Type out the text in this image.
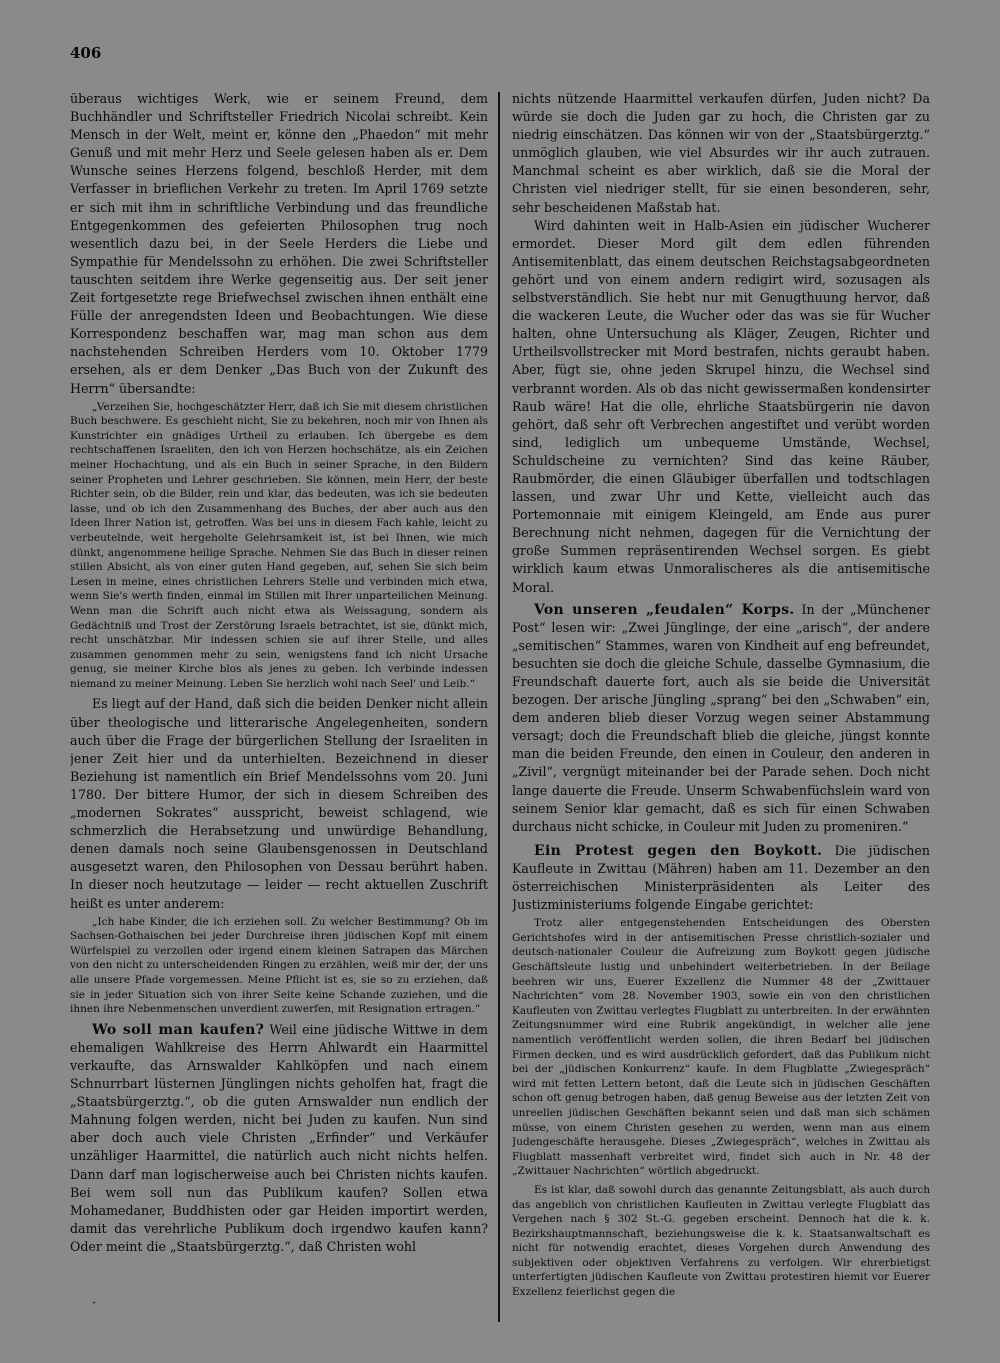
406

überaus wichtiges Werk, wie er seinem Freund, dem Buchhändler und Schriftsteller Friedrich Nicolai schreibt. Kein Mensch in der Welt, meint er, könne den „Phaedon“ mit mehr Genuß und mit mehr Herz und Seele gelesen haben als er. Dem Wunsche seines Herzens folgend, beschloß Herder, mit dem Verfasser in brieflichen Verkehr zu treten. Im April 1769 setzte er sich mit ihm in schriftliche Verbindung und das freundliche Entgegenkommen des gefeierten Philosophen trug noch wesentlich dazu bei, in der Seele Herders die Liebe und Sympathie für Mendelssohn zu erhöhen. Die zwei Schriftsteller tauschten seitdem ihre Werke gegenseitig aus. Der seit jener Zeit fortgesetzte rege Briefwechsel zwischen ihnen enthält eine Fülle der anregendsten Ideen und Beobachtungen. Wie diese Korrespondenz beschaffen war, mag man schon aus dem nachstehenden Schreiben Herders vom 10. Oktober 1779 ersehen, als er dem Denker „Das Buch von der Zukunft des Herrn“ übersandte:

„Verzeihen Sie, hochgeschätzter Herr, daß ich Sie mit diesem christlichen Buch beschwere. Es geschieht nicht, Sie zu bekehren, noch mir von Ihnen als Kunstrichter ein gnädiges Urtheil zu erlauben. Ich übergebe es dem rechtschaffenen Israeliten, den ich von Herzen hochschätze, als ein Zeichen meiner Hochachtung, und als ein Buch in seiner Sprache, in den Bildern seiner Propheten und Lehrer geschrieben. Sie können, mein Herr, der beste Richter sein, ob die Bilder, rein und klar, das bedeuten, was ich sie bedeuten lasse, und ob ich den Zusammenhang des Buches, der aber auch aus den Ideen Ihrer Nation ist, getroffen. Was bei uns in diesem Fach kahle, leicht zu verbeutelnde, weit hergeholte Gelehrsamkeit ist, ist bei Ihnen, wie mich dünkt, angenommene heilige Sprache. Nehmen Sie das Buch in dieser reinen stillen Absicht, als von einer guten Hand gegeben, auf, sehen Sie sich beim Lesen in meine, eines christlichen Lehrers Stelle und verbinden mich etwa, wenn Sie's werth finden, einmal im Stillen mit Ihrer unparteilichen Meinung. Wenn man die Schrift auch nicht etwa als Weissagung, sondern als Gedächtniß und Trost der Zerstörung Israels betrachtet, ist sie, dünkt mich, recht unschätzbar. Mir indessen schien sie auf ihrer Stelle, und alles zusammen genommen mehr zu sein, wenigstens fand ich nicht Ursache genug, sie meiner Kirche blos als jenes zu geben. Ich verbinde indessen niemand zu meiner Meinung. Leben Sie herzlich wohl nach Seel' und Leib.“

Es liegt auf der Hand, daß sich die beiden Denker nicht allein über theologische und litterarische Angelegenheiten, sondern auch über die Frage der bürgerlichen Stellung der Israeliten in jener Zeit hier und da unterhielten. Bezeichnend in dieser Beziehung ist namentlich ein Brief Mendelssohns vom 20. Juni 1780. Der bittere Humor, der sich in diesem Schreiben des „modernen Sokrates“ ausspricht, beweist schlagend, wie schmerzlich die Herabsetzung und unwürdige Behandlung, denen damals noch seine Glaubensgenossen in Deutschland ausgesetzt waren, den Philosophen von Dessau berührt haben. In dieser noch heutzutage — leider — recht aktuellen Zuschrift heißt es unter anderem:

„Ich habe Kinder, die ich erziehen soll. Zu welcher Bestimmung? Ob im Sachsen-Gothaischen bei jeder Durchreise ihren jüdischen Kopf mit einem Würfelspiel zu verzollen oder irgend einem kleinen Satrapen das Märchen von den nicht zu unterscheidenden Ringen zu erzählen, weiß mir der, der uns alle unsere Pfade vorgemessen. Meine Pflicht ist es, sie so zu erziehen, daß sie in jeder Situation sich von ihrer Seite keine Schande zuziehen, und die ihnen ihre Nebenmenschen unverdient zuwerfen, mit Resignation ertragen.“

Wo soll man kaufen? Weil eine jüdische Wittwe in dem ehemaligen Wahlkreise des Herrn Ahlwardt ein Haarmittel verkaufte, das Arnswalder Kahlköpfen und nach einem Schnurrbart lüsternen Jünglingen nichts geholfen hat, fragt die „Staatsbürgerztg.“, ob die guten Arnswalder nun endlich der Mahnung folgen werden, nicht bei Juden zu kaufen. Nun sind aber doch auch viele Christen „Erfinder“ und Verkäufer unzähliger Haarmittel, die natürlich auch nicht nichts helfen. Dann darf man logischerweise auch bei Christen nichts kaufen. Bei wem soll nun das Publikum kaufen? Sollen etwa Mohamedaner, Buddhisten oder gar Heiden importirt werden, damit das verehrliche Publikum doch irgendwo kaufen kann? Oder meint die „Staatsbürgerztg.“, daß Christen wohl

nichts nützende Haarmittel verkaufen dürfen, Juden nicht? Da würde sie doch die Juden gar zu hoch, die Christen gar zu niedrig einschätzen. Das können wir von der „Staatsbürgerztg.“ unmöglich glauben, wie viel Absurdes wir ihr auch zutrauen. Manchmal scheint es aber wirklich, daß sie die Moral der Christen viel niedriger stellt, für sie einen besonderen, sehr, sehr bescheidenen Maßstab hat.

Wird dahinten weit in Halb-Asien ein jüdischer Wucherer ermordet. Dieser Mord gilt dem edlen führenden Antisemitenblatt, das einem deutschen Reichstagsabgeordneten gehört und von einem andern redigirt wird, sozusagen als selbstverständlich. Sie hebt nur mit Genugthuung hervor, daß die wackeren Leute, die Wucher oder das was sie für Wucher halten, ohne Untersuchung als Kläger, Zeugen, Richter und Urtheilsvollstrecker mit Mord bestrafen, nichts geraubt haben. Aber, fügt sie, ohne jeden Skrupel hinzu, die Wechsel sind verbrannt worden. Als ob das nicht gewissermaßen kondensirter Raub wäre! Hat die olle, ehrliche Staatsbürgerin nie davon gehört, daß sehr oft Verbrechen angestiftet und verübt worden sind, lediglich um unbequeme Umstände, Wechsel, Schuldscheine zu vernichten? Sind das keine Räuber, Raubmörder, die einen Gläubiger überfallen und todtschlagen lassen, und zwar Uhr und Kette, vielleicht auch das Portemonnaie mit einigem Kleingeld, am Ende aus purer Berechnung nicht nehmen, dagegen für die Vernichtung der große Summen repräsentirenden Wechsel sorgen. Es giebt wirklich kaum etwas Unmoralischeres als die antisemitische Moral.

Von unseren „feudalen“ Korps. In der „Münchener Post“ lesen wir: „Zwei Jünglinge, der eine „arisch“, der andere „semitischen“ Stammes, waren von Kindheit auf eng befreundet, besuchten sie doch die gleiche Schule, dasselbe Gymnasium, die Freundschaft dauerte fort, auch als sie beide die Universität bezogen. Der arische Jüngling „sprang“ bei den „Schwaben“ ein, dem anderen blieb dieser Vorzug wegen seiner Abstammung versagt; doch die Freundschaft blieb die gleiche, jüngst konnte man die beiden Freunde, den einen in Couleur, den anderen in „Zivil“, vergnügt miteinander bei der Parade sehen. Doch nicht lange dauerte die Freude. Unserm Schwabenfüchslein ward von seinem Senior klar gemacht, daß es sich für einen Schwaben durchaus nicht schicke, in Couleur mit Juden zu promeniren.“

Ein Protest gegen den Boykott. Die jüdischen Kaufleute in Zwittau (Mähren) haben am 11. Dezember an den österreichischen Ministerpräsidenten als Leiter des Justizministeriums folgende Eingabe gerichtet:

Trotz aller entgegenstehenden Entscheidungen des Obersten Gerichtshofes wird in der antisemitischen Presse christlich-sozialer und deutsch-nationaler Couleur die Aufreizung zum Boykott gegen jüdische Geschäftsleute lustig und unbehindert weiterbetrieben. In der Beilage beehren wir uns, Euerer Exzellenz die Nummer 48 der „Zwittauer Nachrichten“ vom 28. November 1903, sowie ein von den christlichen Kaufleuten von Zwittau verlegtes Flugblatt zu unterbreiten. In der erwähnten Zeitungsnummer wird eine Rubrik angekündigt, in welcher alle jene namentlich veröffentlicht werden sollen, die ihren Bedarf bei jüdischen Firmen decken, und es wird ausdrücklich gefordert, daß das Publikum nicht bei der „jüdischen Konkurrenz“ kaufe. In dem Flugblatte „Zwiegespräch“ wird mit fetten Lettern betont, daß die Leute sich in jüdischen Geschäften schon oft genug betrogen haben, daß genug Beweise aus der letzten Zeit von unreellen jüdischen Geschäften bekannt seien und daß man sich schämen müsse, von einem Christen gesehen zu werden, wenn man aus einem Judengeschäfte herausgehe. Dieses „Zwiegespräch“, welches in Zwittau als Flugblatt massenhaft verbreitet wird, findet sich auch in Nr. 48 der „Zwittauer Nachrichten“ wörtlich abgedruckt.

Es ist klar, daß sowohl durch das genannte Zeitungsblatt, als auch durch das angeblich von christlichen Kaufleuten in Zwittau verlegte Flugblatt das Vergehen nach § 302 St.-G. gegeben erscheint. Dennoch hat die k. k. Bezirkshauptmannschaft, beziehungsweise die k. k. Staatsanwaltschaft es nicht für notwendig erachtet, dieses Vorgehen durch Anwendung des subjektiven oder objektiven Verfahrens zu verfolgen. Wir ehrerbietigst unterfertigten jüdischen Kaufleute von Zwittau protestiren hiemit vor Euerer Exzellenz feierlichst gegen die

·
